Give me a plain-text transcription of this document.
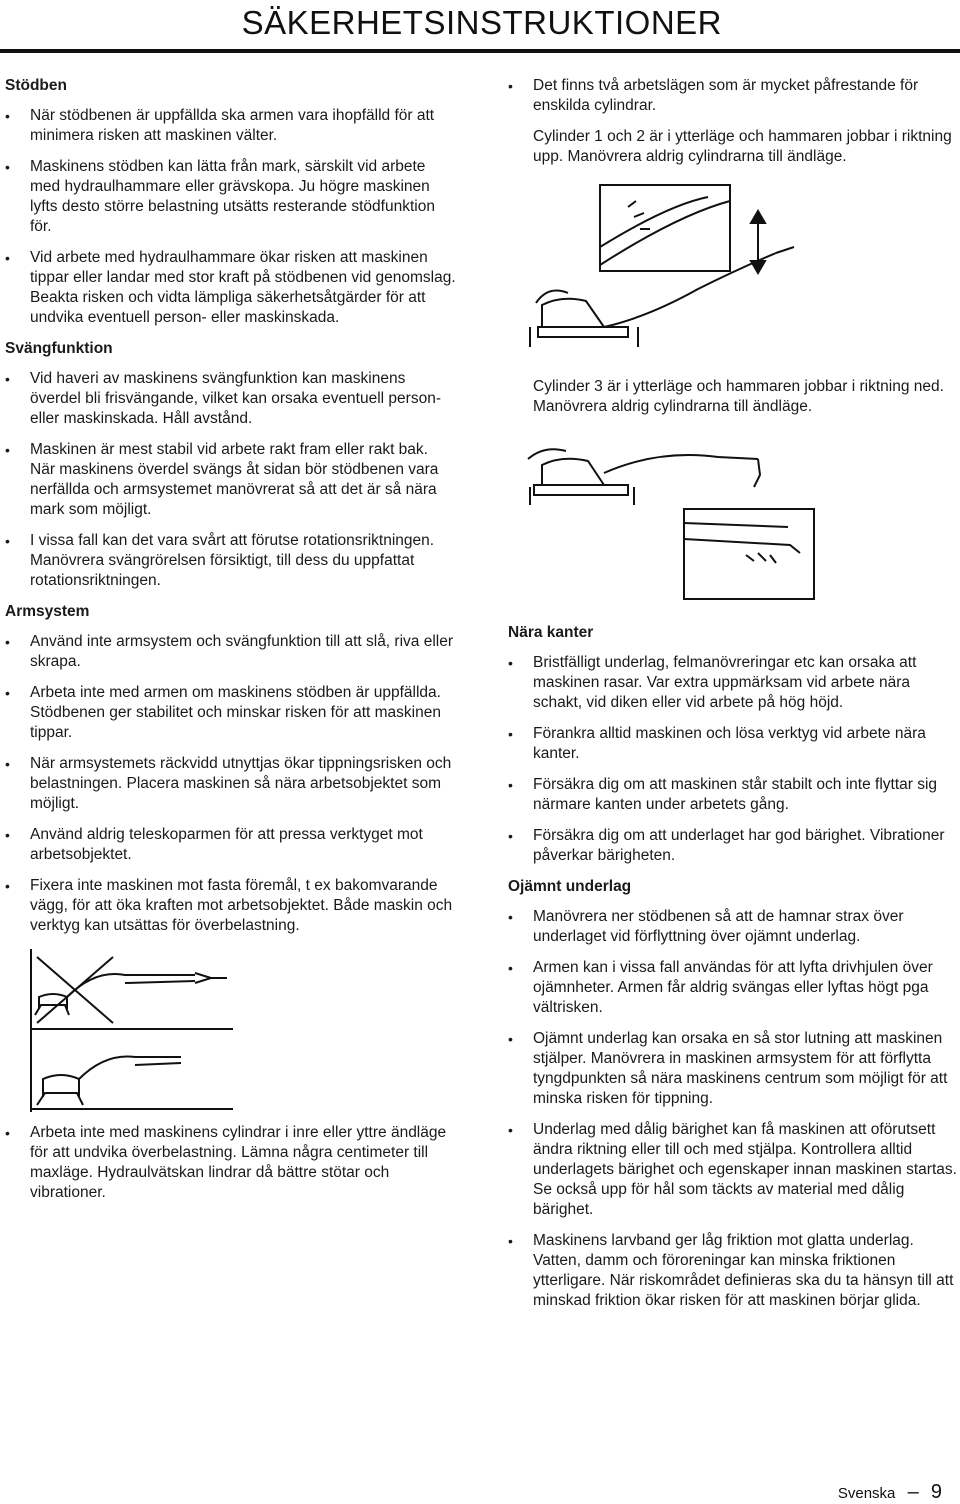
SÄKERHETSINSTRUKTIONER
Stödben
• När stödbenen är uppfällda ska armen vara ihopfälld för att minimera risken att maskinen välter.
• Maskinens stödben kan lätta från mark, särskilt vid arbete med hydraulhammare eller grävskopa. Ju högre maskinen lyfts desto större belastning utsätts resterande stödfunktion för.
• Vid arbete med hydraulhammare ökar risken att maskinen tippar eller landar med stor kraft på stödbenen vid genomslag. Beakta risken och vidta lämpliga säkerhetsåtgärder för att undvika eventuell person- eller maskinskada.
Svängfunktion
• Vid haveri av maskinens svängfunktion kan maskinens överdel bli frisvängande, vilket kan orsaka eventuell person- eller maskinskada. Håll avstånd.
• Maskinen är mest stabil vid arbete rakt fram eller rakt bak. När maskinens överdel svängs åt sidan bör stödbenen vara nerfällda och armsystemet manövrerat så att det är så nära mark som möjligt.
• I vissa fall kan det vara svårt att förutse rotationsriktningen. Manövrera svängrörelsen försiktigt, till dess du uppfattat rotationsriktningen.
Armsystem
• Använd inte armsystem och svängfunktion till att slå, riva eller skrapa.
• Arbeta inte med armen om maskinens stödben är uppfällda. Stödbenen ger stabilitet och minskar risken för att maskinen tippar.
• När armsystemets räckvidd utnyttjas ökar tippningsrisken och belastningen. Placera maskinen så nära arbetsobjektet som möjligt.
• Använd aldrig teleskoparmen för att pressa verktyget mot arbetsobjektet.
• Fixera inte maskinen mot fasta föremål, t ex bakomvarande vägg, för att öka kraften mot arbetsobjektet. Både maskin och verktyg kan utsättas för överbelastning.
• Arbeta inte med maskinens cylindrar i inre eller yttre ändläge för att undvika överbelastning. Lämna några centimeter till maxläge. Hydraulvätskan lindrar då bättre stötar och vibrationer.
• Det finns två arbetslägen som är mycket påfrestande för enskilda cylindrar.
Cylinder 1 och 2 är i ytterläge och hammaren jobbar i riktning upp. Manövrera aldrig cylindrarna till ändläge.
Cylinder 3 är i ytterläge och hammaren jobbar i riktning ned. Manövrera aldrig cylindrarna till ändläge.
Nära kanter
• Bristfälligt underlag, felmanövreringar etc kan orsaka att maskinen rasar. Var extra uppmärksam vid arbete nära schakt, vid diken eller vid arbete på hög höjd.
• Förankra alltid maskinen och lösa verktyg vid arbete nära kanter.
• Försäkra dig om att maskinen står stabilt och inte flyttar sig närmare kanten under arbetets gång.
• Försäkra dig om att underlaget har god bärighet. Vibrationer påverkar bärigheten.
Ojämnt underlag
• Manövrera ner stödbenen så att de hamnar strax över underlaget vid förflyttning över ojämnt underlag.
• Armen kan i vissa fall användas för att lyfta drivhjulen över ojämnheter. Armen får aldrig svängas eller lyftas högt pga vältrisken.
• Ojämnt underlag kan orsaka en så stor lutning att maskinen stjälper. Manövrera in maskinen armsystem för att förflytta tyngdpunkten så nära maskinens centrum som möjligt för att minska risken för tippning.
• Underlag med dålig bärighet kan få maskinen att oförutsett ändra riktning eller till och med stjälpa. Kontrollera alltid underlagets bärighet och egenskaper innan maskinen startas. Se också upp för hål som täckts av material med dålig bärighet.
• Maskinens larvband ger låg friktion mot glatta underlag. Vatten, damm och föroreningar kan minska friktionen ytterligare. När riskområdet definieras ska du ta hänsyn till att minskad friktion ökar risken för att maskinen börjar glida.
Svenska – 9
